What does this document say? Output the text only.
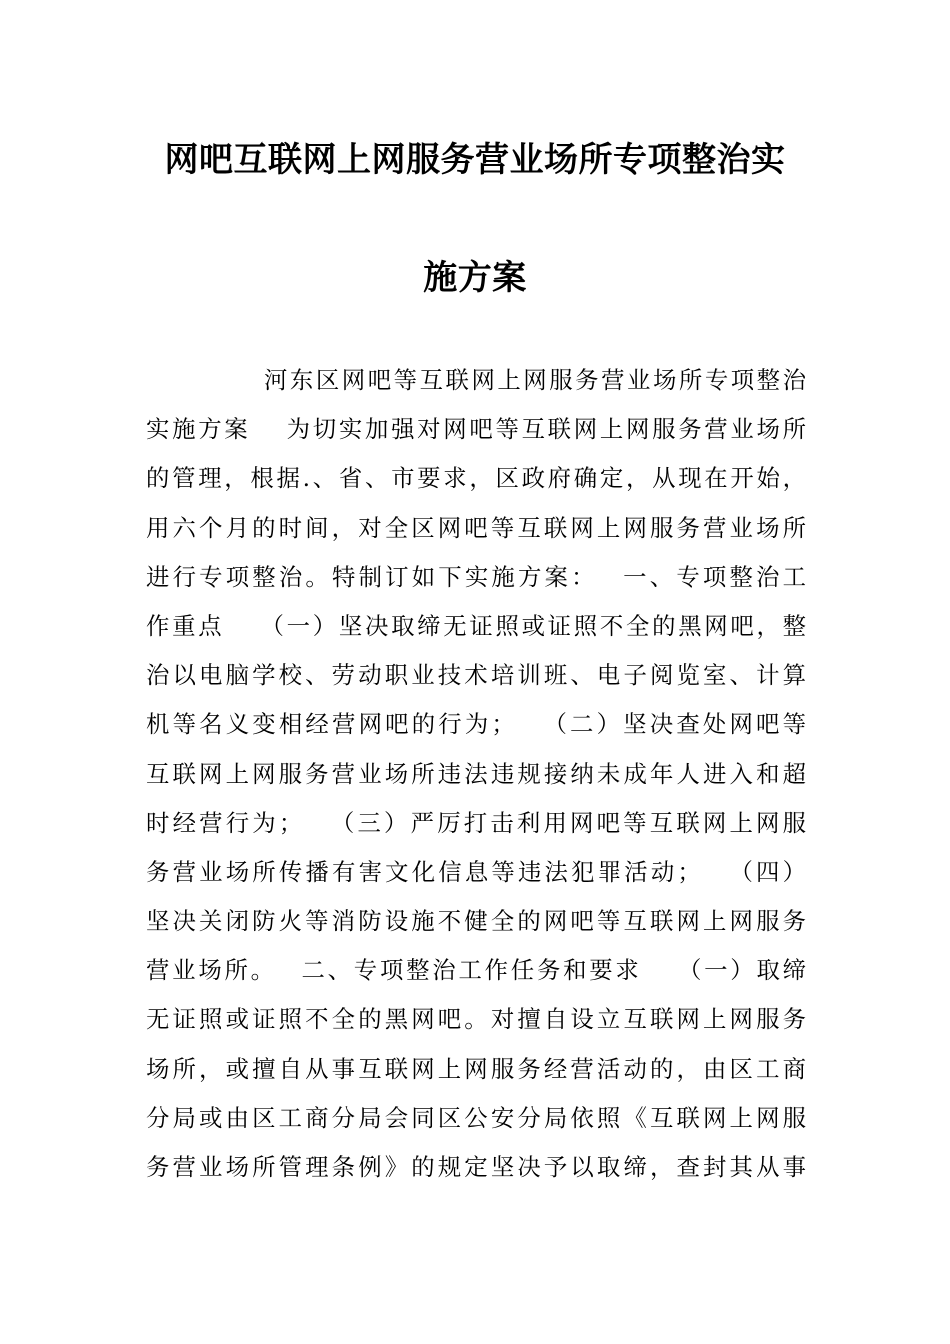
网吧互联网上网服务营业场所专项整治实
施方案
河东区网吧等互联网上网服务营业场所专项整治
实施方案　 为切实加强对网吧等互联网上网服务营业场所
的管理，根据.、省、市要求，区政府确定，从现在开始，
用六个月的时间，对全区网吧等互联网上网服务营业场所
进行专项整治。特制订如下实施方案：　 一、专项整治工
作重点　 （一）坚决取缔无证照或证照不全的黑网吧，整
治以电脑学校、劳动职业技术培训班、电子阅览室、计算
机等名义变相经营网吧的行为；　 （二）坚决查处网吧等
互联网上网服务营业场所违法违规接纳未成年人进入和超
时经营行为；　 （三）严厉打击利用网吧等互联网上网服
务营业场所传播有害文化信息等违法犯罪活动；　 （四）
坚决关闭防火等消防设施不健全的网吧等互联网上网服务
营业场所。　 二、专项整治工作任务和要求　 （一）取缔
无证照或证照不全的黑网吧。对擅自设立互联网上网服务
场所，或擅自从事互联网上网服务经营活动的，由区工商
分局或由区工商分局会同区公安分局依照《互联网上网服
务营业场所管理条例》的规定坚决予以取缔，查封其从事
